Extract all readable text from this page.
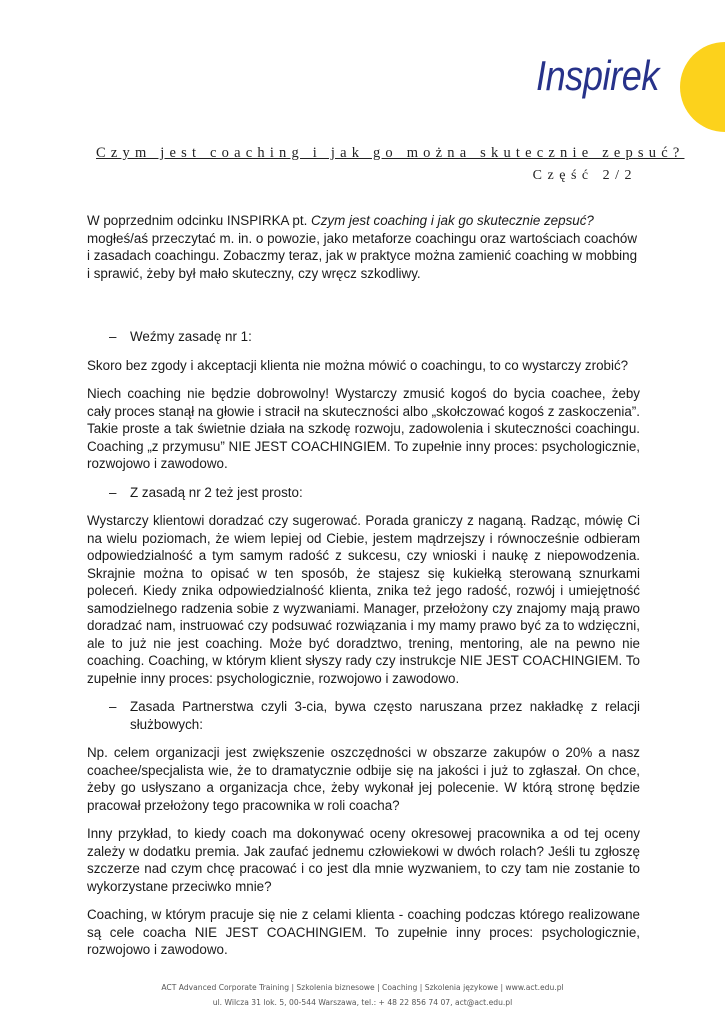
Inspirek
Czym jest coaching i jak go można skutecznie zepsuć?
Część 2/2

W poprzednim odcinku INSPIRKA pt. Czym jest coaching i jak go skutecznie zepsuć? mogłeś/aś przeczytać m. in. o powozie, jako metaforze coachingu oraz wartościach coachów i zasadach coachingu. Zobaczmy teraz, jak w praktyce można zamienić coaching w mobbing i sprawić, żeby był mało skuteczny, czy wręcz szkodliwy.

– Weźmy zasadę nr 1:

Skoro bez zgody i akceptacji klienta nie można mówić o coachingu, to co wystarczy zrobić?

Niech coaching nie będzie dobrowolny! Wystarczy zmusić kogoś do bycia coachee, żeby cały proces stanął na głowie i stracił na skuteczności albo „skołczować kogoś z zaskoczenia”. Takie proste a tak świetnie działa na szkodę rozwoju, zadowolenia i skuteczności coachingu. Coaching „z przymusu” NIE JEST COACHINGIEM. To zupełnie inny proces: psychologicznie, rozwojowo i zawodowo.

– Z zasadą nr 2 też jest prosto:

Wystarczy klientowi doradzać czy sugerować. Porada graniczy z naganą. Radząc, mówię Ci na wielu poziomach, że wiem lepiej od Ciebie, jestem mądrzejszy i równocześnie odbieram odpowiedzialność a tym samym radość z sukcesu, czy wnioski i naukę z niepowodzenia. Skrajnie można to opisać w ten sposób, że stajesz się kukiełką sterowaną sznurkami poleceń. Kiedy znika odpowiedzialność klienta, znika też jego radość, rozwój i umiejętność samodzielnego radzenia sobie z wyzwaniami. Manager, przełożony czy znajomy mają prawo doradzać nam, instruować czy podsuwać rozwiązania i my mamy prawo być za to wdzięczni, ale to już nie jest coaching. Może być doradztwo, trening, mentoring, ale na pewno nie coaching. Coaching, w którym klient słyszy rady czy instrukcje NIE JEST COACHINGIEM. To zupełnie inny proces: psychologicznie, rozwojowo i zawodowo.

– Zasada Partnerstwa czyli 3-cia, bywa często naruszana przez nakładkę z relacji służbowych:

Np. celem organizacji jest zwiększenie oszczędności w obszarze zakupów o 20% a nasz coachee/specjalista wie, że to dramatycznie odbije się na jakości i już to zgłaszał. On chce, żeby go usłyszano a organizacja chce, żeby wykonał jej polecenie. W którą stronę będzie pracował przełożony tego pracownika w roli coacha?

Inny przykład, to kiedy coach ma dokonywać oceny okresowej pracownika a od tej oceny zależy w dodatku premia. Jak zaufać jednemu człowiekowi w dwóch rolach? Jeśli tu zgłoszę szczerze nad czym chcę pracować i co jest dla mnie wyzwaniem, to czy tam nie zostanie to wykorzystane przeciwko mnie?

Coaching, w którym pracuje się nie z celami klienta - coaching podczas którego realizowane są cele coacha NIE JEST COACHINGIEM. To zupełnie inny proces: psychologicznie, rozwojowo i zawodowo.

ACT Advanced Corporate Training | Szkolenia biznesowe | Coaching | Szkolenia językowe | www.act.edu.pl
ul. Wilcza 31 lok. 5, 00-544 Warszawa, tel.: + 48 22 856 74 07, act@act.edu.pl
